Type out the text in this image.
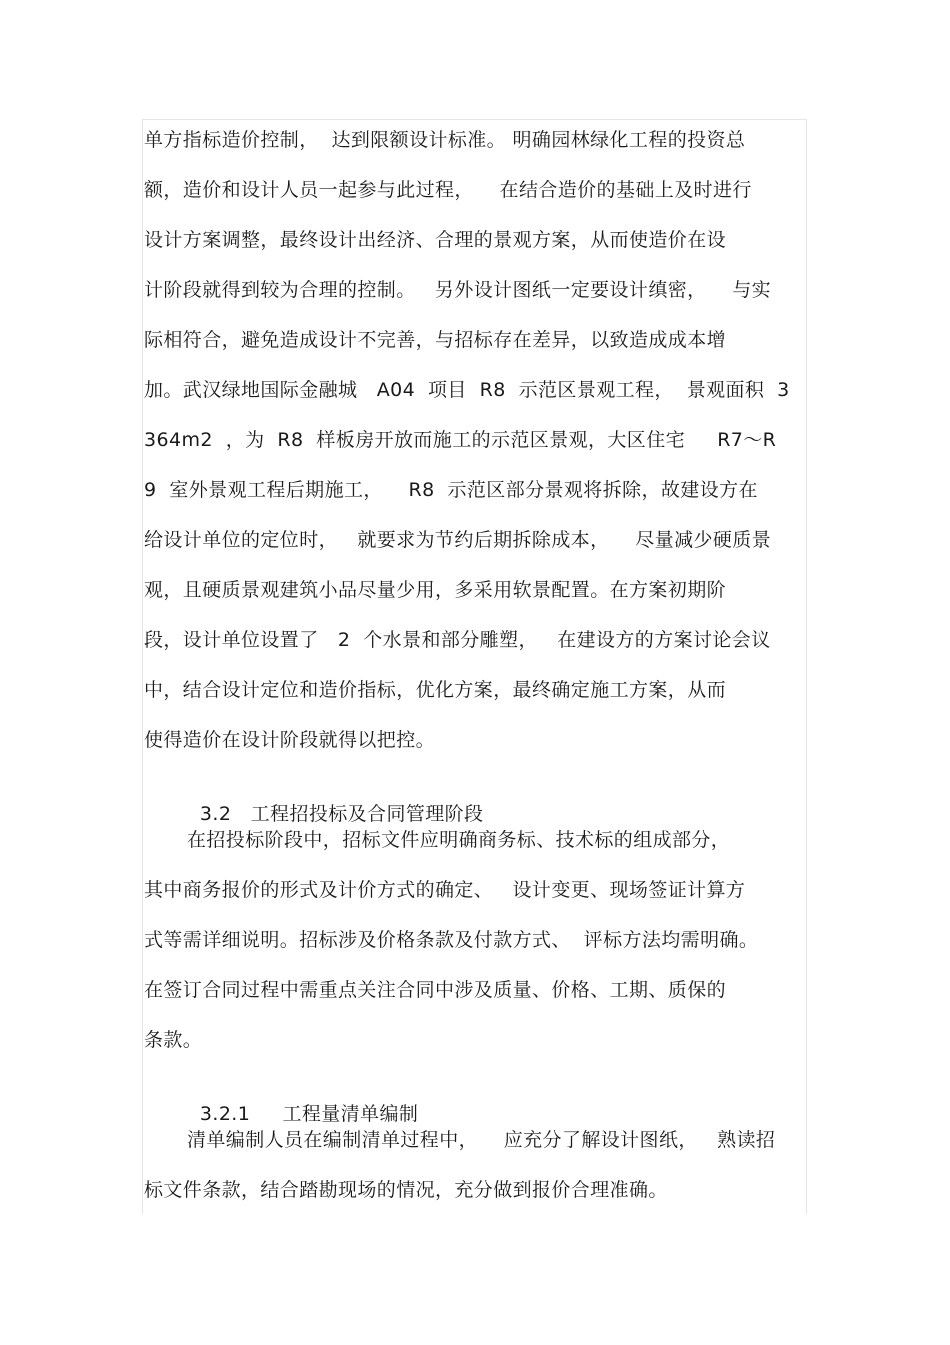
单方指标造价控制，  达到限额设计标准。 明确园林绿化工程的投资总
额，造价和设计人员一起参与此过程，    在结合造价的基础上及时进行
设计方案调整，最终设计出经济、合理的景观方案，从而使造价在设
计阶段就得到较为合理的控制。   另外设计图纸一定要设计缜密，    与实
际相符合，避免造成设计不完善，与招标存在差异，以致造成成本增
加。武汉绿地国际金融城   A04  项目  R8  示范区景观工程，  景观面积  3
364m2  ，为  R8  样板房开放而施工的示范区景观，大区住宅     R7～R
9  室外景观工程后期施工，    R8  示范区部分景观将拆除，故建设方在
给设计单位的定位时，   就要求为节约后期拆除成本，    尽量减少硬质景
观，且硬质景观建筑小品尽量少用，多采用软景配置。在方案初期阶
段，设计单位设置了   2  个水景和部分雕塑，   在建设方的方案讨论会议
中，结合设计定位和造价指标，优化方案，最终确定施工方案，从而
使得造价在设计阶段就得以把控。

3.2 工程招投标及合同管理阶段

在招投标阶段中，招标文件应明确商务标、技术标的组成部分，
其中商务报价的形式及计价方式的确定、   设计变更、现场签证计算方
式等需详细说明。招标涉及价格条款及付款方式、  评标方法均需明确。
在签订合同过程中需重点关注合同中涉及质量、价格、工期、质保的
条款。

3.2.1 工程量清单编制

清单编制人员在编制清单过程中，    应充分了解设计图纸，   熟读招
标文件条款，结合踏勘现场的情况，充分做到报价合理准确。
